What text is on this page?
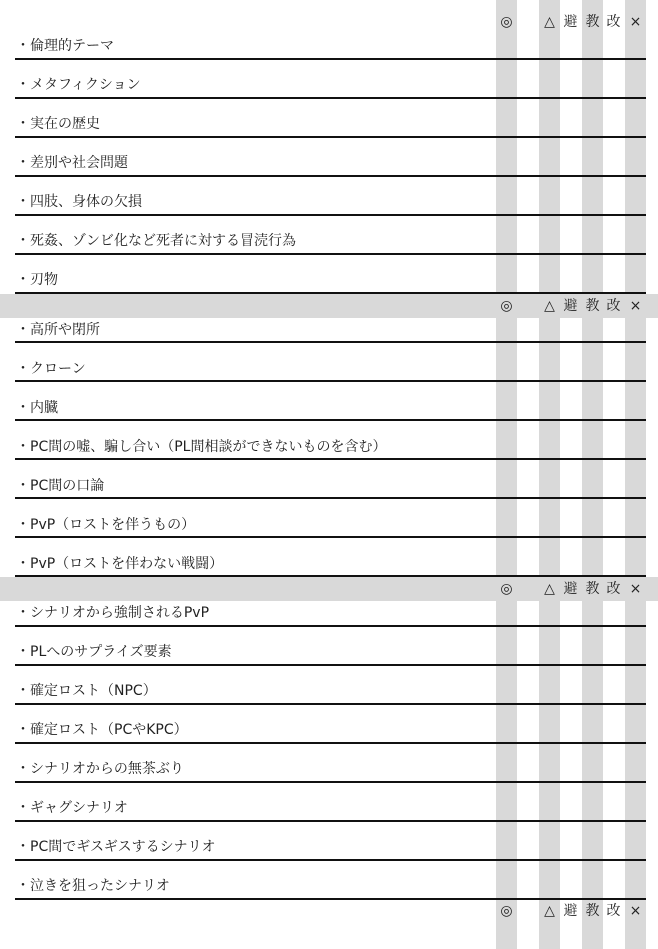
◎	△ 避 教 改 ×
◎	△ 避 教 改 ×
◎	△ 避 教 改 ×
◎	△ 避 教 改 ×
・倫理的テーマ
・メタフィクション
・実在の歴史
・差別や社会問題
・四肢、身体の欠損
・死姦、ゾンビ化など死者に対する冒涜行為
・刃物
・高所や閉所
・クローン
・内臓
・PC間の嘘、騙し合い（PL間相談ができないものを含む）
・PC間の口論
・PvP（ロストを伴うもの）
・PvP（ロストを伴わない戦闘）
・シナリオから強制されるPvP
・PLへのサプライズ要素
・確定ロスト（NPC）
・確定ロスト（PCやKPC）
・シナリオからの無茶ぶり
・ギャグシナリオ
・PC間でギスギスするシナリオ
・泣きを狙ったシナリオ
